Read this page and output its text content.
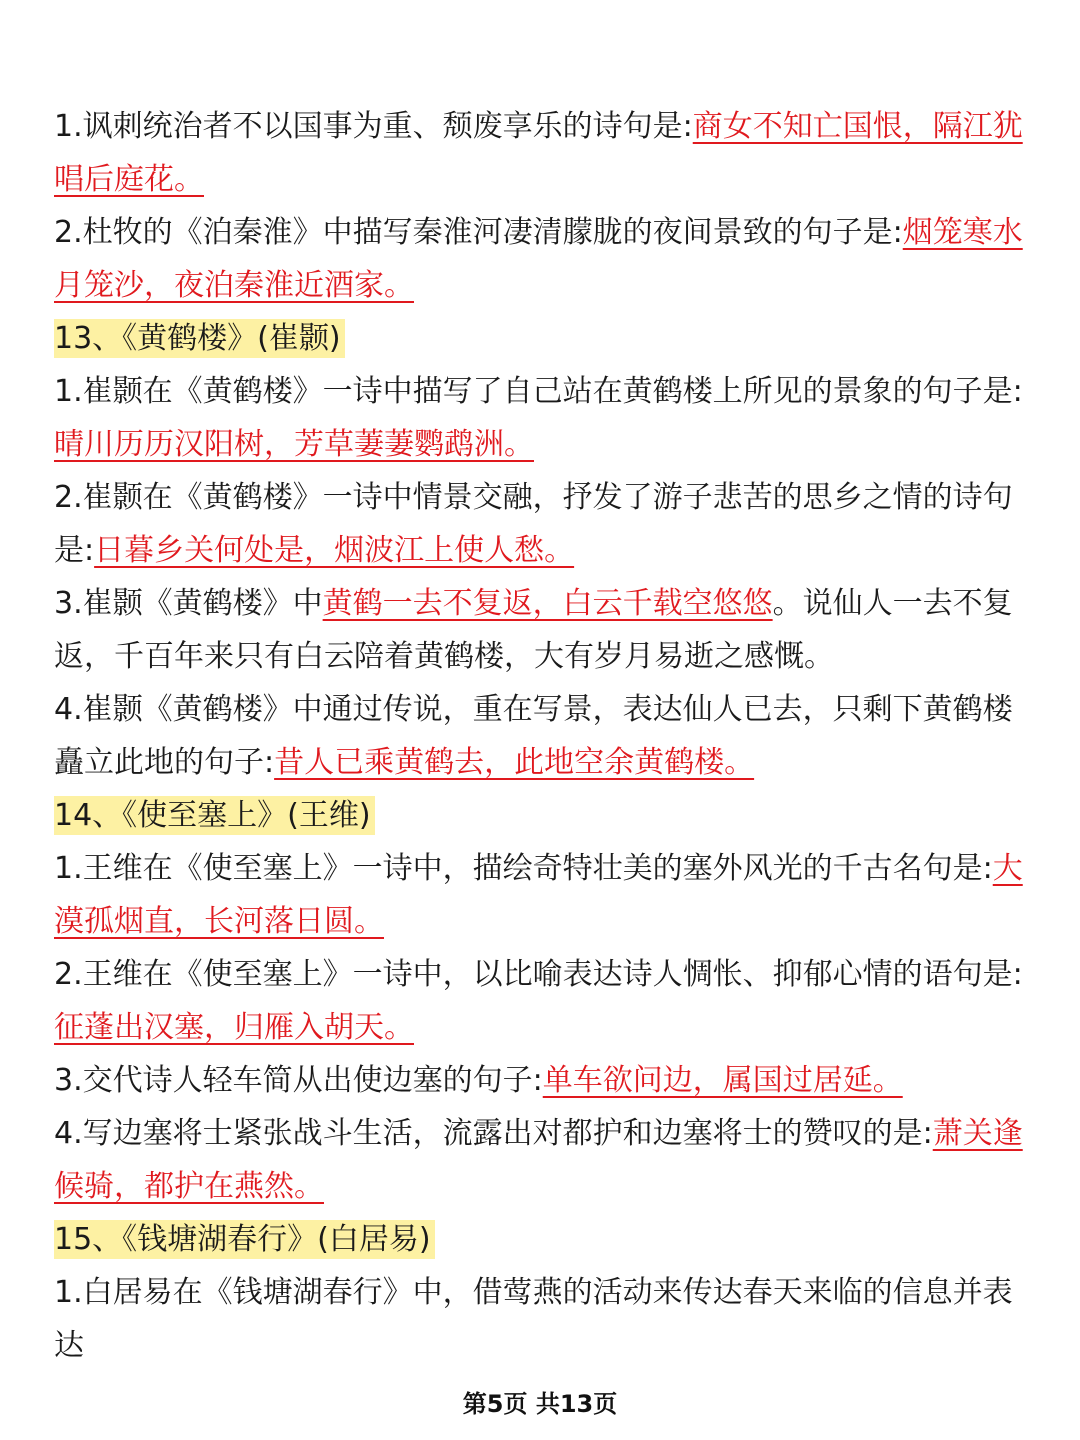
1.讽刺统治者不以国事为重、颓废享乐的诗句是:商女不知亡国恨，隔江犹唱后庭花。

2.杜牧的《泊秦淮》中描写秦淮河凄清朦胧的夜间景致的句子是:烟笼寒水月笼沙，夜泊秦淮近酒家。

13、《黄鹤楼》(崔颢)

1.崔颢在《黄鹤楼》一诗中描写了自己站在黄鹤楼上所见的景象的句子是:晴川历历汉阳树，芳草萋萋鹦鹉洲。

2.崔颢在《黄鹤楼》一诗中情景交融，抒发了游子悲苦的思乡之情的诗句是:日暮乡关何处是，烟波江上使人愁。

3.崔颢《黄鹤楼》中黄鹤一去不复返，白云千载空悠悠。说仙人一去不复返，千百年来只有白云陪着黄鹤楼，大有岁月易逝之感慨。

4.崔颢《黄鹤楼》中通过传说，重在写景，表达仙人已去，只剩下黄鹤楼矗立此地的句子:昔人已乘黄鹤去，此地空余黄鹤楼。

14、《使至塞上》(王维)

1.王维在《使至塞上》一诗中，描绘奇特壮美的塞外风光的千古名句是:大漠孤烟直，长河落日圆。

2.王维在《使至塞上》一诗中，以比喻表达诗人惆怅、抑郁心情的语句是:征蓬出汉塞，归雁入胡天。

3.交代诗人轻车简从出使边塞的句子:单车欲问边，属国过居延。

4.写边塞将士紧张战斗生活，流露出对都护和边塞将士的赞叹的是:萧关逢候骑，都护在燕然。

15、《钱塘湖春行》(白居易)

1.白居易在《钱塘湖春行》中，借莺燕的活动来传达春天来临的信息并表达

第5页 共13页
